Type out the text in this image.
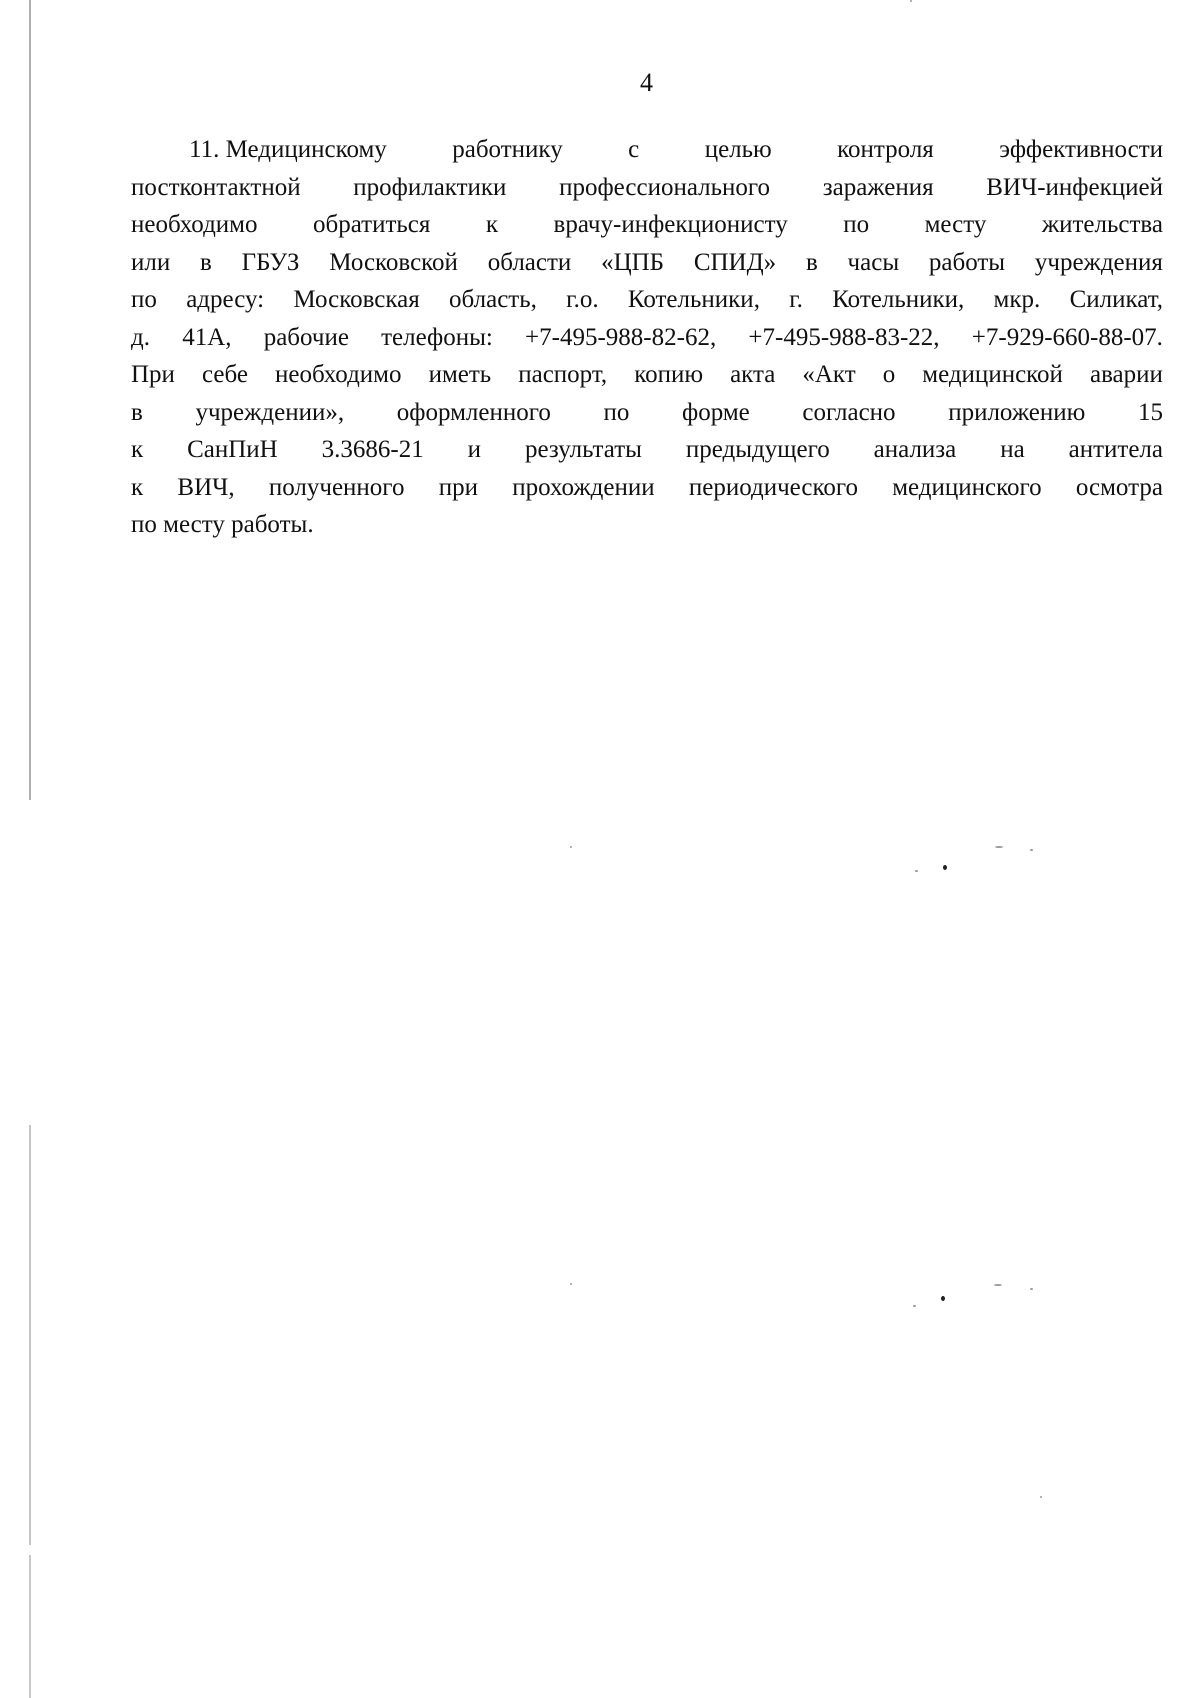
4
11. Медицинскому	работнику	с	целью	контроля	эффективности
постконтактной профилактики профессионального заражения ВИЧ-инфекцией
необходимо обратиться к врачу-инфекционисту по месту жительства
или в ГБУЗ Московской области «ЦПБ СПИД» в часы работы учреждения
по адресу: Московская область, г.о. Котельники, г. Котельники, мкр. Силикат,
д. 41А, рабочие телефоны: +7-495-988-82-62, +7-495-988-83-22, +7-929-660-88-07.
При себе необходимо иметь паспорт, копию акта «Акт о медицинской аварии
в учреждении», оформленного по форме согласно приложению 15
к СанПиН 3.3686-21 и результаты предыдущего анализа на антитела
к ВИЧ, полученного при прохождении периодического медицинского осмотра
по месту работы.
